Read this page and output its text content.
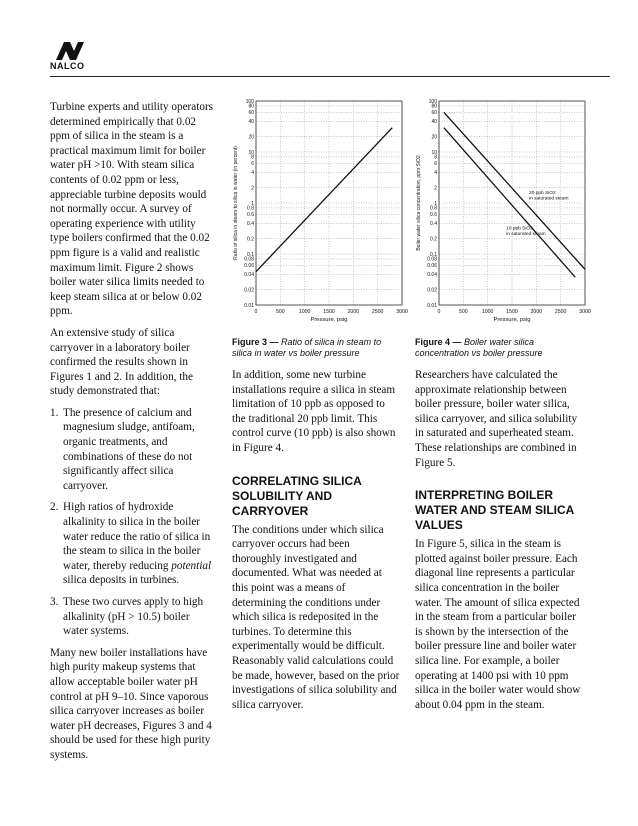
NALCO

Turbine experts and utility operators determined empirically that 0.02 ppm of silica in the steam is a practical maximum limit for boiler water pH >10. With steam silica contents of 0.02 ppm or less, appreciable turbine deposits would not normally occur. A survey of operating experience with utility type boilers confirmed that the 0.02 ppm figure is a valid and realistic maximum limit. Figure 2 shows boiler water silica limits needed to keep steam silica at or below 0.02 ppm.

An extensive study of silica carryover in a laboratory boiler confirmed the results shown in Figures 1 and 2. In addition, the study demonstrated that:

1. The presence of calcium and magnesium sludge, antifoam, organic treatments, and combinations of these do not significantly affect silica carryover.
2. High ratios of hydroxide alkalinity to silica in the boiler water reduce the ratio of silica in the steam to silica in the boiler water, thereby reducing potential silica deposits in turbines.
3. These two curves apply to high alkalinity (pH > 10.5) boiler water systems.

Many new boiler installations have high purity makeup systems that allow acceptable boiler water pH control at pH 9–10. Since vaporous silica carryover increases as boiler water pH decreases, Figures 3 and 4 should be used for these high purity systems.

0	500	1000 1500 2000 2500 3000
100
80
60
40
20
10
8
6
4
2
1
0.8
0.6
0.4
0.2
0.1
0.08
0.06
0.04
0.02
0.01
Pressure, psig
Ratio of silica in steam to silica in water (in percent)
Figure 3 — Ratio of silica in steam to silica in water vs boiler pressure
0	500	1000 1500 2000 2500 3000
100
80
60
40
20
10
8
6
4
2
1
0.8
0.6
0.4
0.2
0.1
0.08
0.06
0.04
0.02
0.01
Pressure, psig
Boiler water silica concentration, ppm SiO2	20 ppb SiO2
in saturated steam
10 ppb SiO2
in saturated steam
Figure 4 — Boiler water silica concentration vs boiler pressure

In addition, some new turbine installations require a silica in steam limitation of 10 ppb as opposed to the traditional 20 ppb limit. This control curve (10 ppb) is also shown in Figure 4.

CORRELATING SILICA SOLUBILITY AND CARRYOVER

The conditions under which silica carryover occurs had been thoroughly investigated and documented. What was needed at this point was a means of determining the conditions under which silica is redeposited in the turbines. To determine this experimentally would be difficult. Reasonably valid calculations could be made, however, based on the prior investigations of silica solubility and silica carryover.

Researchers have calculated the approximate relationship between boiler pressure, boiler water silica, silica carryover, and silica solubility in saturated and superheated steam. These relationships are combined in Figure 5.

INTERPRETING BOILER WATER AND STEAM SILICA VALUES

In Figure 5, silica in the steam is plotted against boiler pressure. Each diagonal line represents a particular silica concentration in the boiler water. The amount of silica expected in the steam from a particular boiler is shown by the intersection of the boiler pressure line and boiler water silica line. For example, a boiler operating at 1400 psi with 10 ppm silica in the boiler water would show about 0.04 ppm in the steam.
